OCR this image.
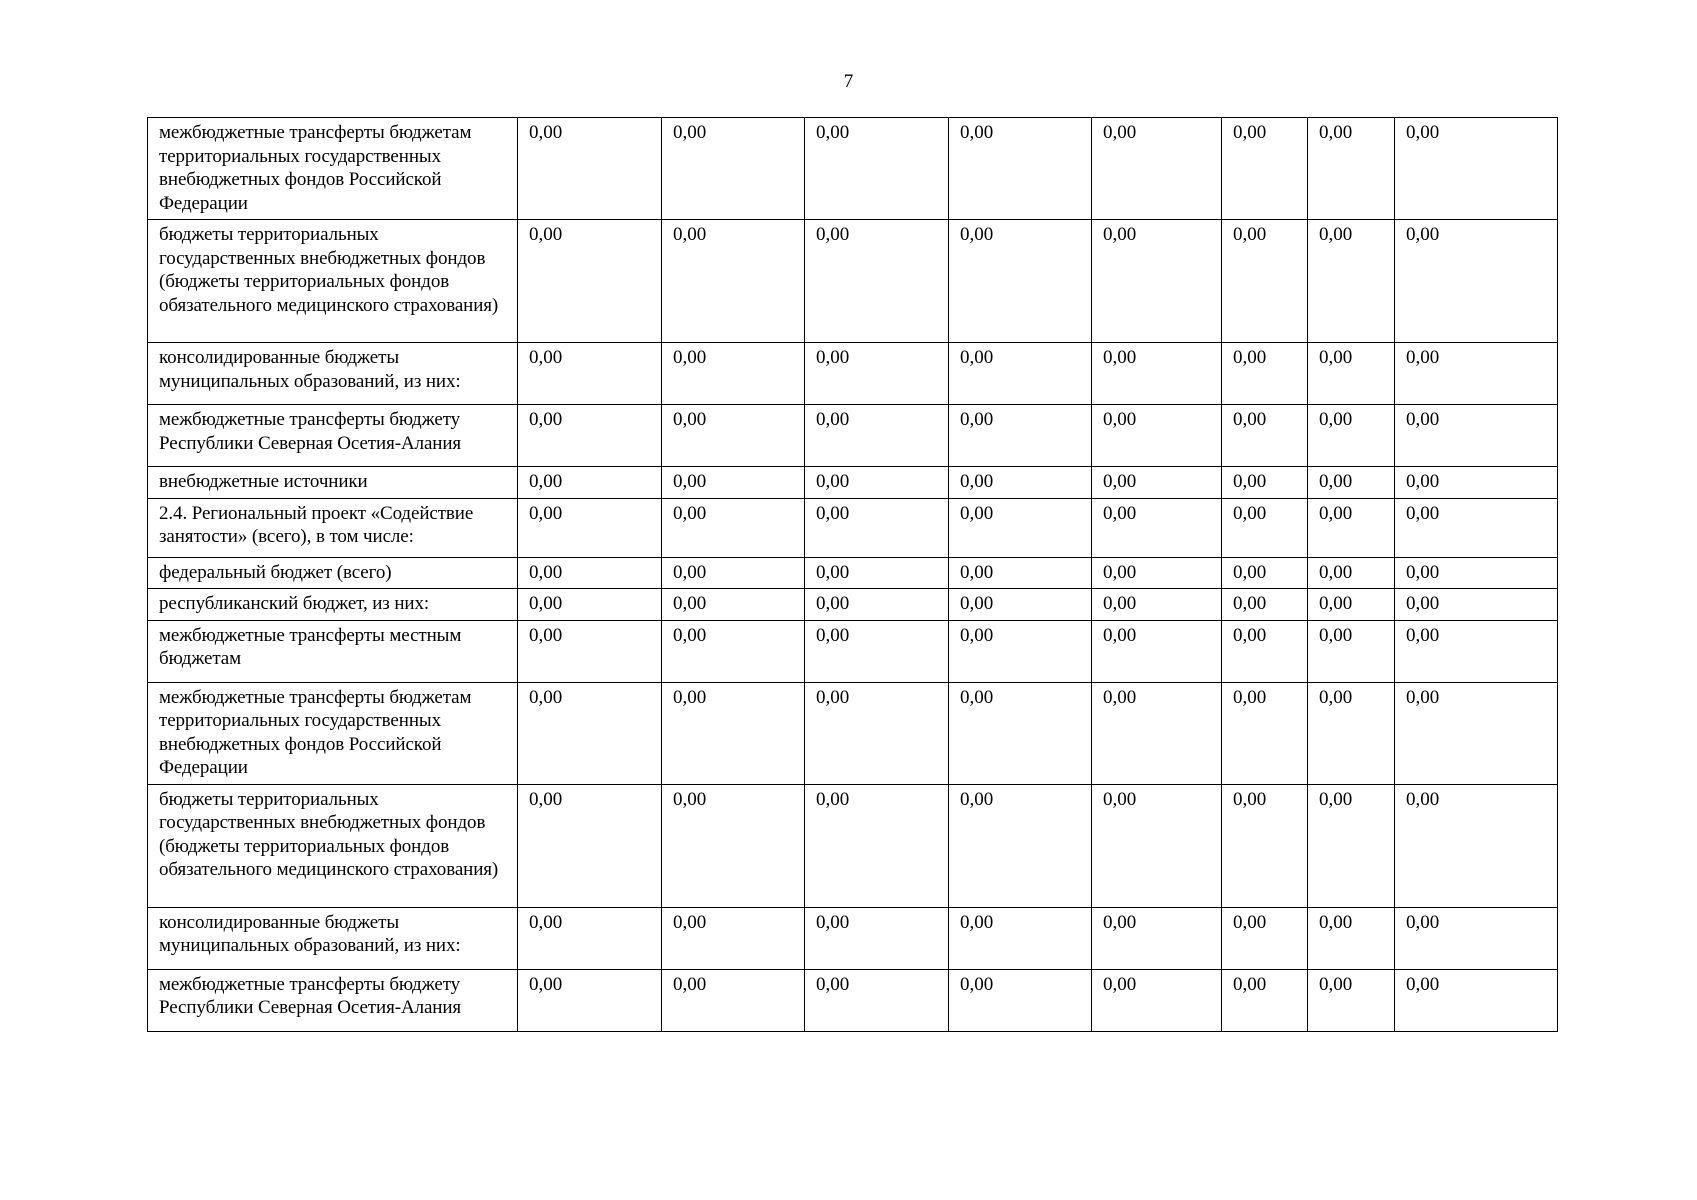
7
межбюджетные трансферты бюджетам территориальных государственных внебюджетных фондов Российской Федерации	0,00	0,00	0,00	0,00	0,00	0,00	0,00	0,00
бюджеты территориальных государственных внебюджетных фондов (бюджеты территориальных фондов обязательного медицинского страхования)	0,00	0,00	0,00	0,00	0,00	0,00	0,00	0,00
консолидированные бюджеты муниципальных образований, из них:	0,00	0,00	0,00	0,00	0,00	0,00	0,00	0,00
межбюджетные трансферты бюджету Республики Северная Осетия-Алания	0,00	0,00	0,00	0,00	0,00	0,00	0,00	0,00
внебюджетные источники	0,00	0,00	0,00	0,00	0,00	0,00	0,00	0,00
2.4. Региональный проект «Содействие занятости» (всего), в том числе:	0,00	0,00	0,00	0,00	0,00	0,00	0,00	0,00
федеральный бюджет (всего)	0,00	0,00	0,00	0,00	0,00	0,00	0,00	0,00
республиканский бюджет, из них:	0,00	0,00	0,00	0,00	0,00	0,00	0,00	0,00
межбюджетные трансферты местным бюджетам	0,00	0,00	0,00	0,00	0,00	0,00	0,00	0,00
межбюджетные трансферты бюджетам территориальных государственных внебюджетных фондов Российской Федерации	0,00	0,00	0,00	0,00	0,00	0,00	0,00	0,00
бюджеты территориальных государственных внебюджетных фондов (бюджеты территориальных фондов обязательного медицинского страхования)	0,00	0,00	0,00	0,00	0,00	0,00	0,00	0,00
консолидированные бюджеты муниципальных образований, из них:	0,00	0,00	0,00	0,00	0,00	0,00	0,00	0,00
межбюджетные трансферты бюджету Республики Северная Осетия-Алания	0,00	0,00	0,00	0,00	0,00	0,00	0,00	0,00
